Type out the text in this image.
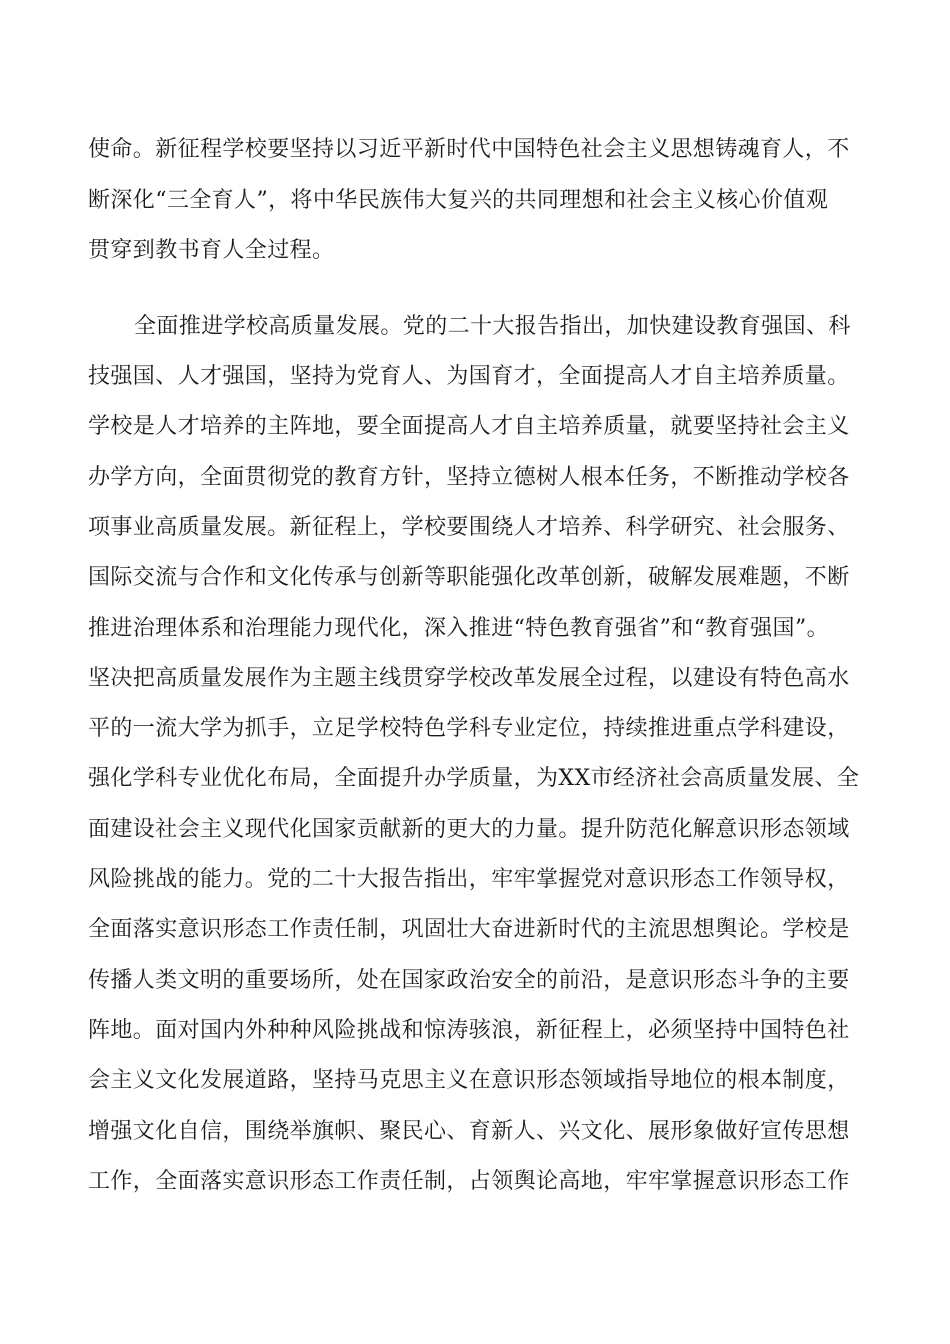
使命。新征程学校要坚持以习近平新时代中国特色社会主义思想铸魂育人，不
断深化“三全育人”，将中华民族伟大复兴的共同理想和社会主义核心价值观
贯穿到教书育人全过程。
全面推进学校高质量发展。党的二十大报告指出，加快建设教育强国、科
技强国、人才强国，坚持为党育人、为国育才，全面提高人才自主培养质量。
学校是人才培养的主阵地，要全面提高人才自主培养质量，就要坚持社会主义
办学方向，全面贯彻党的教育方针，坚持立德树人根本任务，不断推动学校各
项事业高质量发展。新征程上，学校要围绕人才培养、科学研究、社会服务、
国际交流与合作和文化传承与创新等职能强化改革创新，破解发展难题，不断
推进治理体系和治理能力现代化，深入推进“特色教育强省”和“教育强国”。
坚决把高质量发展作为主题主线贯穿学校改革发展全过程，以建设有特色高水
平的一流大学为抓手，立足学校特色学科专业定位，持续推进重点学科建设，
强化学科专业优化布局，全面提升办学质量，为XX市经济社会高质量发展、全
面建设社会主义现代化国家贡献新的更大的力量。提升防范化解意识形态领域
风险挑战的能力。党的二十大报告指出，牢牢掌握党对意识形态工作领导权，
全面落实意识形态工作责任制，巩固壮大奋进新时代的主流思想舆论。学校是
传播人类文明的重要场所，处在国家政治安全的前沿，是意识形态斗争的主要
阵地。面对国内外种种风险挑战和惊涛骇浪，新征程上，必须坚持中国特色社
会主义文化发展道路，坚持马克思主义在意识形态领域指导地位的根本制度，
增强文化自信，围绕举旗帜、聚民心、育新人、兴文化、展形象做好宣传思想
工作，全面落实意识形态工作责任制，占领舆论高地，牢牢掌握意识形态工作
